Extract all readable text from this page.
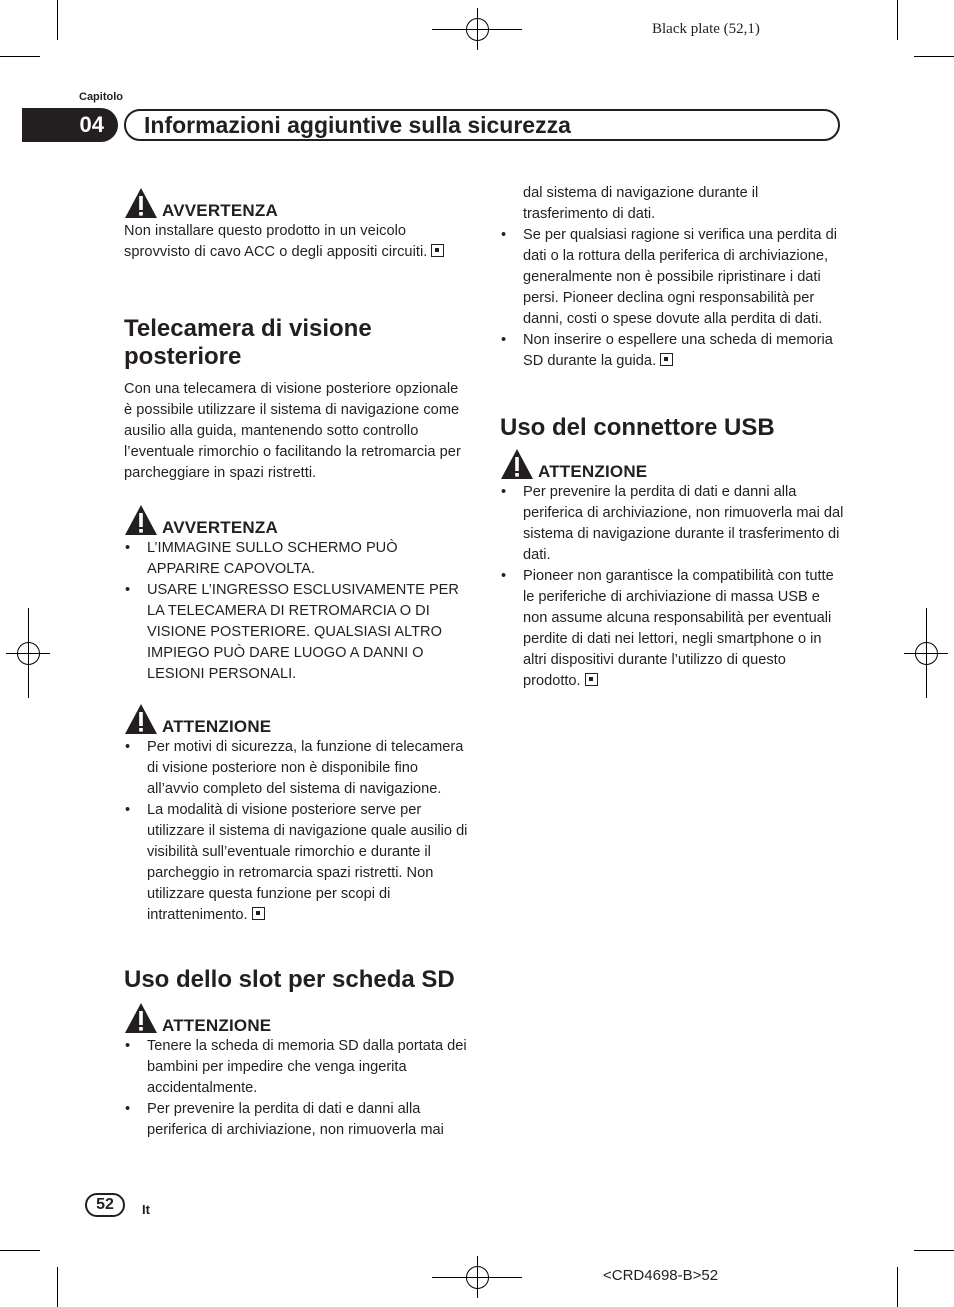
Black plate (52,1)
Capitolo
04	Informazioni aggiuntive sulla sicurezza
AVVERTENZA

Non installare questo prodotto in un veicolo sprovvisto di cavo ACC o degli appositi circuiti.

Telecamera di visione posteriore

Con una telecamera di visione posteriore opzionale è possibile utilizzare il sistema di navigazione come ausilio alla guida, mantenendo sotto controllo l’eventuale rimorchio o facilitando la retromarcia per parcheggiare in spazi ristretti.

AVVERTENZA
• L’IMMAGINE SULLO SCHERMO PUÒ APPARIRE CAPOVOLTA.
• USARE L’INGRESSO ESCLUSIVAMENTE PER LA TELECAMERA DI RETROMARCIA O DI VISIONE POSTERIORE. QUALSIASI ALTRO IMPIEGO PUÒ DARE LUOGO A DANNI O LESIONI PERSONALI.
ATTENZIONE
• Per motivi di sicurezza, la funzione di telecamera di visione posteriore non è disponibile fino all’avvio completo del sistema di navigazione.
• La modalità di visione posteriore serve per utilizzare il sistema di navigazione quale ausilio di visibilità sull’eventuale rimorchio e durante il parcheggio in retromarcia spazi ristretti. Non utilizzare questa funzione per scopi di intrattenimento.
Uso dello slot per scheda SD
ATTENZIONE
• Tenere la scheda di memoria SD dalla portata dei bambini per impedire che venga ingerita accidentalmente.
• Per prevenire la perdita di dati e danni alla periferica di archiviazione, non rimuoverla mai
dal sistema di navigazione durante il trasferimento di dati.
• Se per qualsiasi ragione si verifica una perdita di dati o la rottura della periferica di archiviazione, generalmente non è possibile ripristinare i dati persi. Pioneer declina ogni responsabilità per danni, costi o spese dovute alla perdita di dati.
• Non inserire o espellere una scheda di memoria SD durante la guida.
Uso del connettore USB
ATTENZIONE
• Per prevenire la perdita di dati e danni alla periferica di archiviazione, non rimuoverla mai dal sistema di navigazione durante il trasferimento di dati.
• Pioneer non garantisce la compatibilità con tutte le periferiche di archiviazione di massa USB e non assume alcuna responsabilità per eventuali perdite di dati nei lettori, negli smartphone o in altri dispositivi durante l’utilizzo di questo prodotto.
52	It
<CRD4698-B>52
